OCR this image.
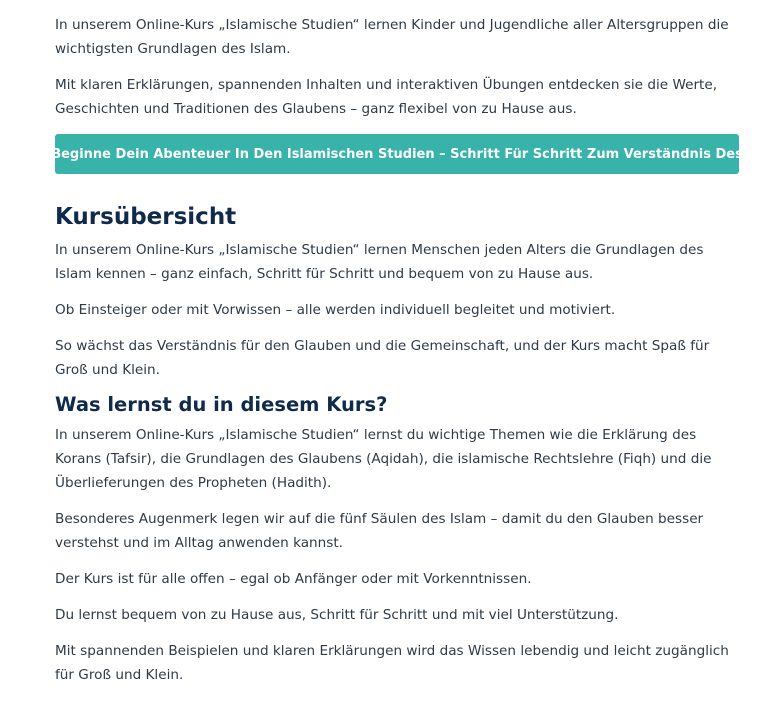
In unserem Online-Kurs „Islamische Studien“ lernen Kinder und Jugendliche aller Altersgruppen die wichtigsten Grundlagen des Islam.

Mit klaren Erklärungen, spannenden Inhalten und interaktiven Übungen entdecken sie die Werte, Geschichten und Traditionen des Glaubens – ganz flexibel von zu Hause aus.

Beginne Dein Abenteuer In Den Islamischen Studien – Schritt Für Schritt Zum Verständnis Des
Kursübersicht

In unserem Online-Kurs „Islamische Studien“ lernen Menschen jeden Alters die Grundlagen des Islam kennen – ganz einfach, Schritt für Schritt und bequem von zu Hause aus.

Ob Einsteiger oder mit Vorwissen – alle werden individuell begleitet und motiviert.

So wächst das Verständnis für den Glauben und die Gemeinschaft, und der Kurs macht Spaß für Groß und Klein.

Was lernst du in diesem Kurs?

In unserem Online-Kurs „Islamische Studien“ lernst du wichtige Themen wie die Erklärung des Korans (Tafsir), die Grundlagen des Glaubens (Aqidah), die islamische Rechtslehre (Fiqh) und die Überlieferungen des Propheten (Hadith).

Besonderes Augenmerk legen wir auf die fünf Säulen des Islam – damit du den Glauben besser verstehst und im Alltag anwenden kannst.

Der Kurs ist für alle offen – egal ob Anfänger oder mit Vorkenntnissen.

Du lernst bequem von zu Hause aus, Schritt für Schritt und mit viel Unterstützung.

Mit spannenden Beispielen und klaren Erklärungen wird das Wissen lebendig und leicht zugänglich für Groß und Klein.
